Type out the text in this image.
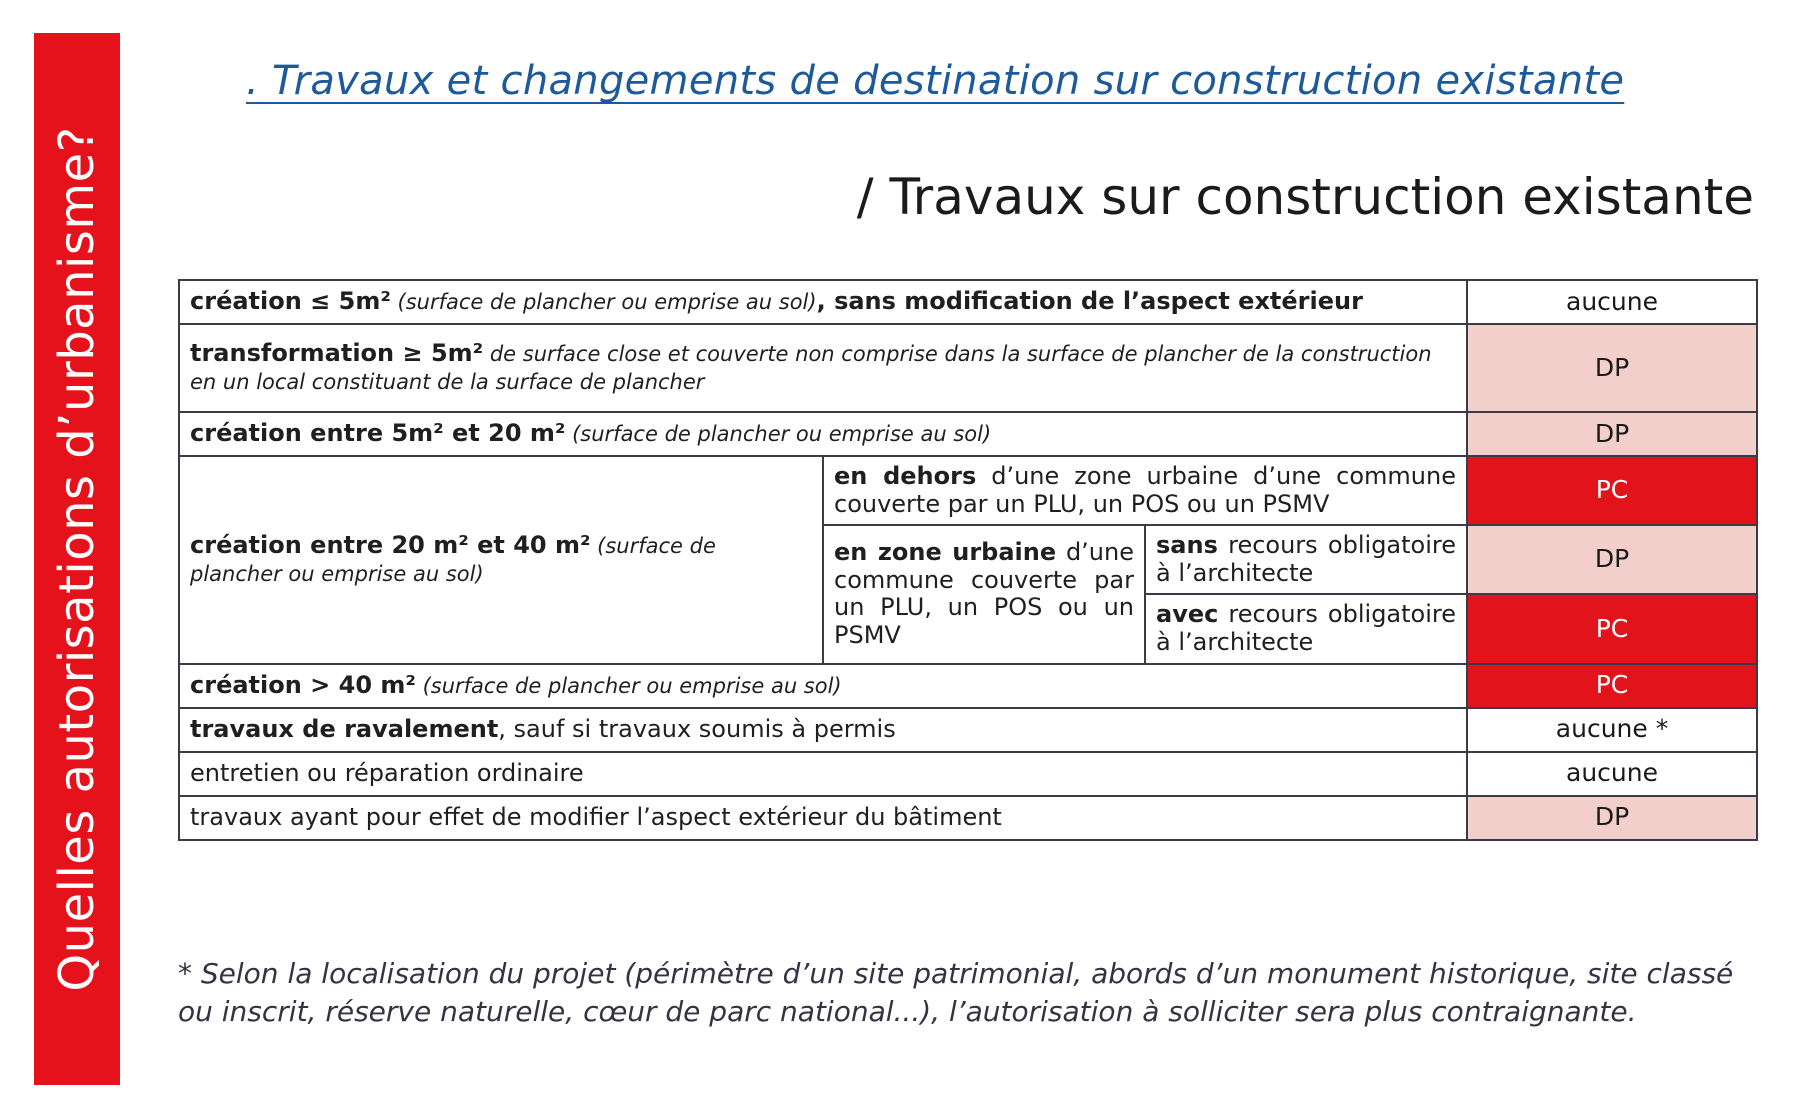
Quelles autorisations d’urbanisme?
. Travaux et changements de destination sur construction existante
/ Travaux sur construction existante
création ≤ 5m² (surface de plancher ou emprise au sol), sans modification de l’aspect extérieur			aucune
transformation ≥ 5m² de surface close et couverte non comprise dans la surface de plancher de la construction en un local constituant de la surface de plancher			DP
création entre 5m² et 20 m² (surface de plancher ou emprise au sol)			DP
création entre 20 m² et 40 m² (surface de plancher ou emprise au sol)	en dehors d’une zone urbaine d’une commune couverte par un PLU, un POS ou un PSMV		PC
	en zone urbaine d’une commune couverte par un PLU, un POS ou un PSMV	sans recours obligatoire à l’architecte	DP
		avec recours obligatoire à l’architecte	PC
création > 40 m² (surface de plancher ou emprise au sol)			PC
travaux de ravalement, sauf si travaux soumis à permis			aucune *
entretien ou réparation ordinaire			aucune
travaux ayant pour effet de modifier l’aspect extérieur du bâtiment			DP
* Selon la localisation du projet (périmètre d’un site patrimonial, abords d’un monument historique, site classé ou inscrit, réserve naturelle, cœur de parc national...), l’autorisation à solliciter sera plus contraignante.
